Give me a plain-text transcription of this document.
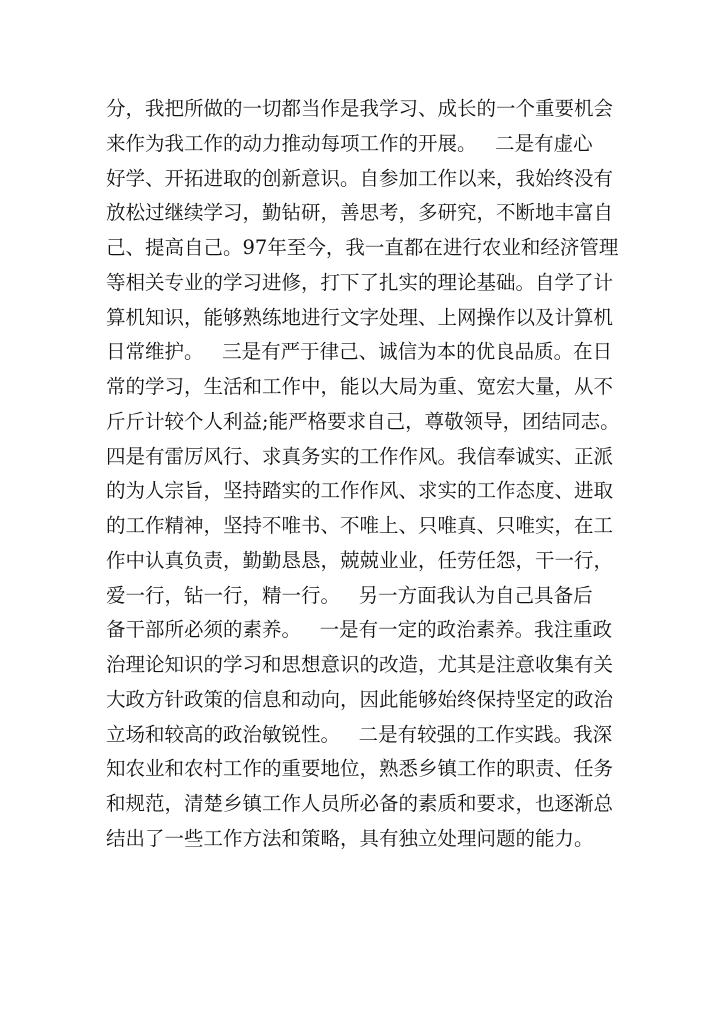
分，我把所做的一切都当作是我学习、成长的一个重要机会
来作为我工作的动力推动每项工作的开展。   二是有虚心
好学、开拓进取的创新意识。自参加工作以来，我始终没有
放松过继续学习，勤钻研，善思考，多研究，不断地丰富自
己、提高自己。97年至今，我一直都在进行农业和经济管理
等相关专业的学习进修，打下了扎实的理论基础。自学了计
算机知识，能够熟练地进行文字处理、上网操作以及计算机
日常维护。   三是有严于律己、诚信为本的优良品质。在日
常的学习，生活和工作中，能以大局为重、宽宏大量，从不
斤斤计较个人利益;能严格要求自己，尊敬领导，团结同志。
四是有雷厉风行、求真务实的工作作风。我信奉诚实、正派
的为人宗旨，坚持踏实的工作作风、求实的工作态度、进取
的工作精神，坚持不唯书、不唯上、只唯真、只唯实，在工
作中认真负责，勤勤恳恳，兢兢业业，任劳任怨，干一行，
爱一行，钻一行，精一行。   另一方面我认为自己具备后
备干部所必须的素养。   一是有一定的政治素养。我注重政
治理论知识的学习和思想意识的改造，尤其是注意收集有关
大政方针政策的信息和动向，因此能够始终保持坚定的政治
立场和较高的政治敏锐性。   二是有较强的工作实践。我深
知农业和农村工作的重要地位，熟悉乡镇工作的职责、任务
和规范，清楚乡镇工作人员所必备的素质和要求，也逐渐总
结出了一些工作方法和策略，具有独立处理问题的能力。
